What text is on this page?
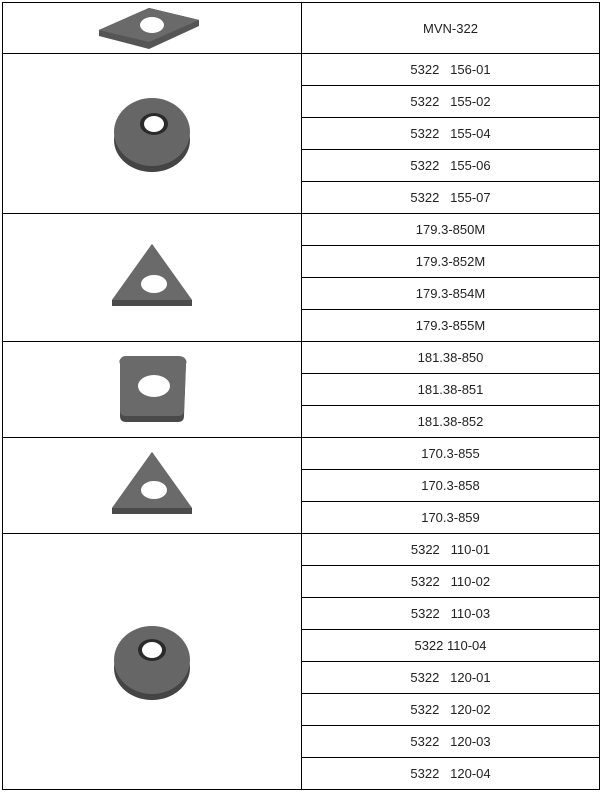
	MVN-322

	5322   156-01
	5322   155-02
	5322   155-04
	5322   155-06
	5322   155-07

	179.3-850M
	179.3-852M
	179.3-854M
	179.3-855M

	181.38-850
	181.38-851
	181.38-852

	170.3-855
	170.3-858
	170.3-859

	5322   110-01
	5322   110-02
	5322   110-03
	5322 110-04
	5322   120-01
	5322   120-02
	5322   120-03
	5322   120-04
